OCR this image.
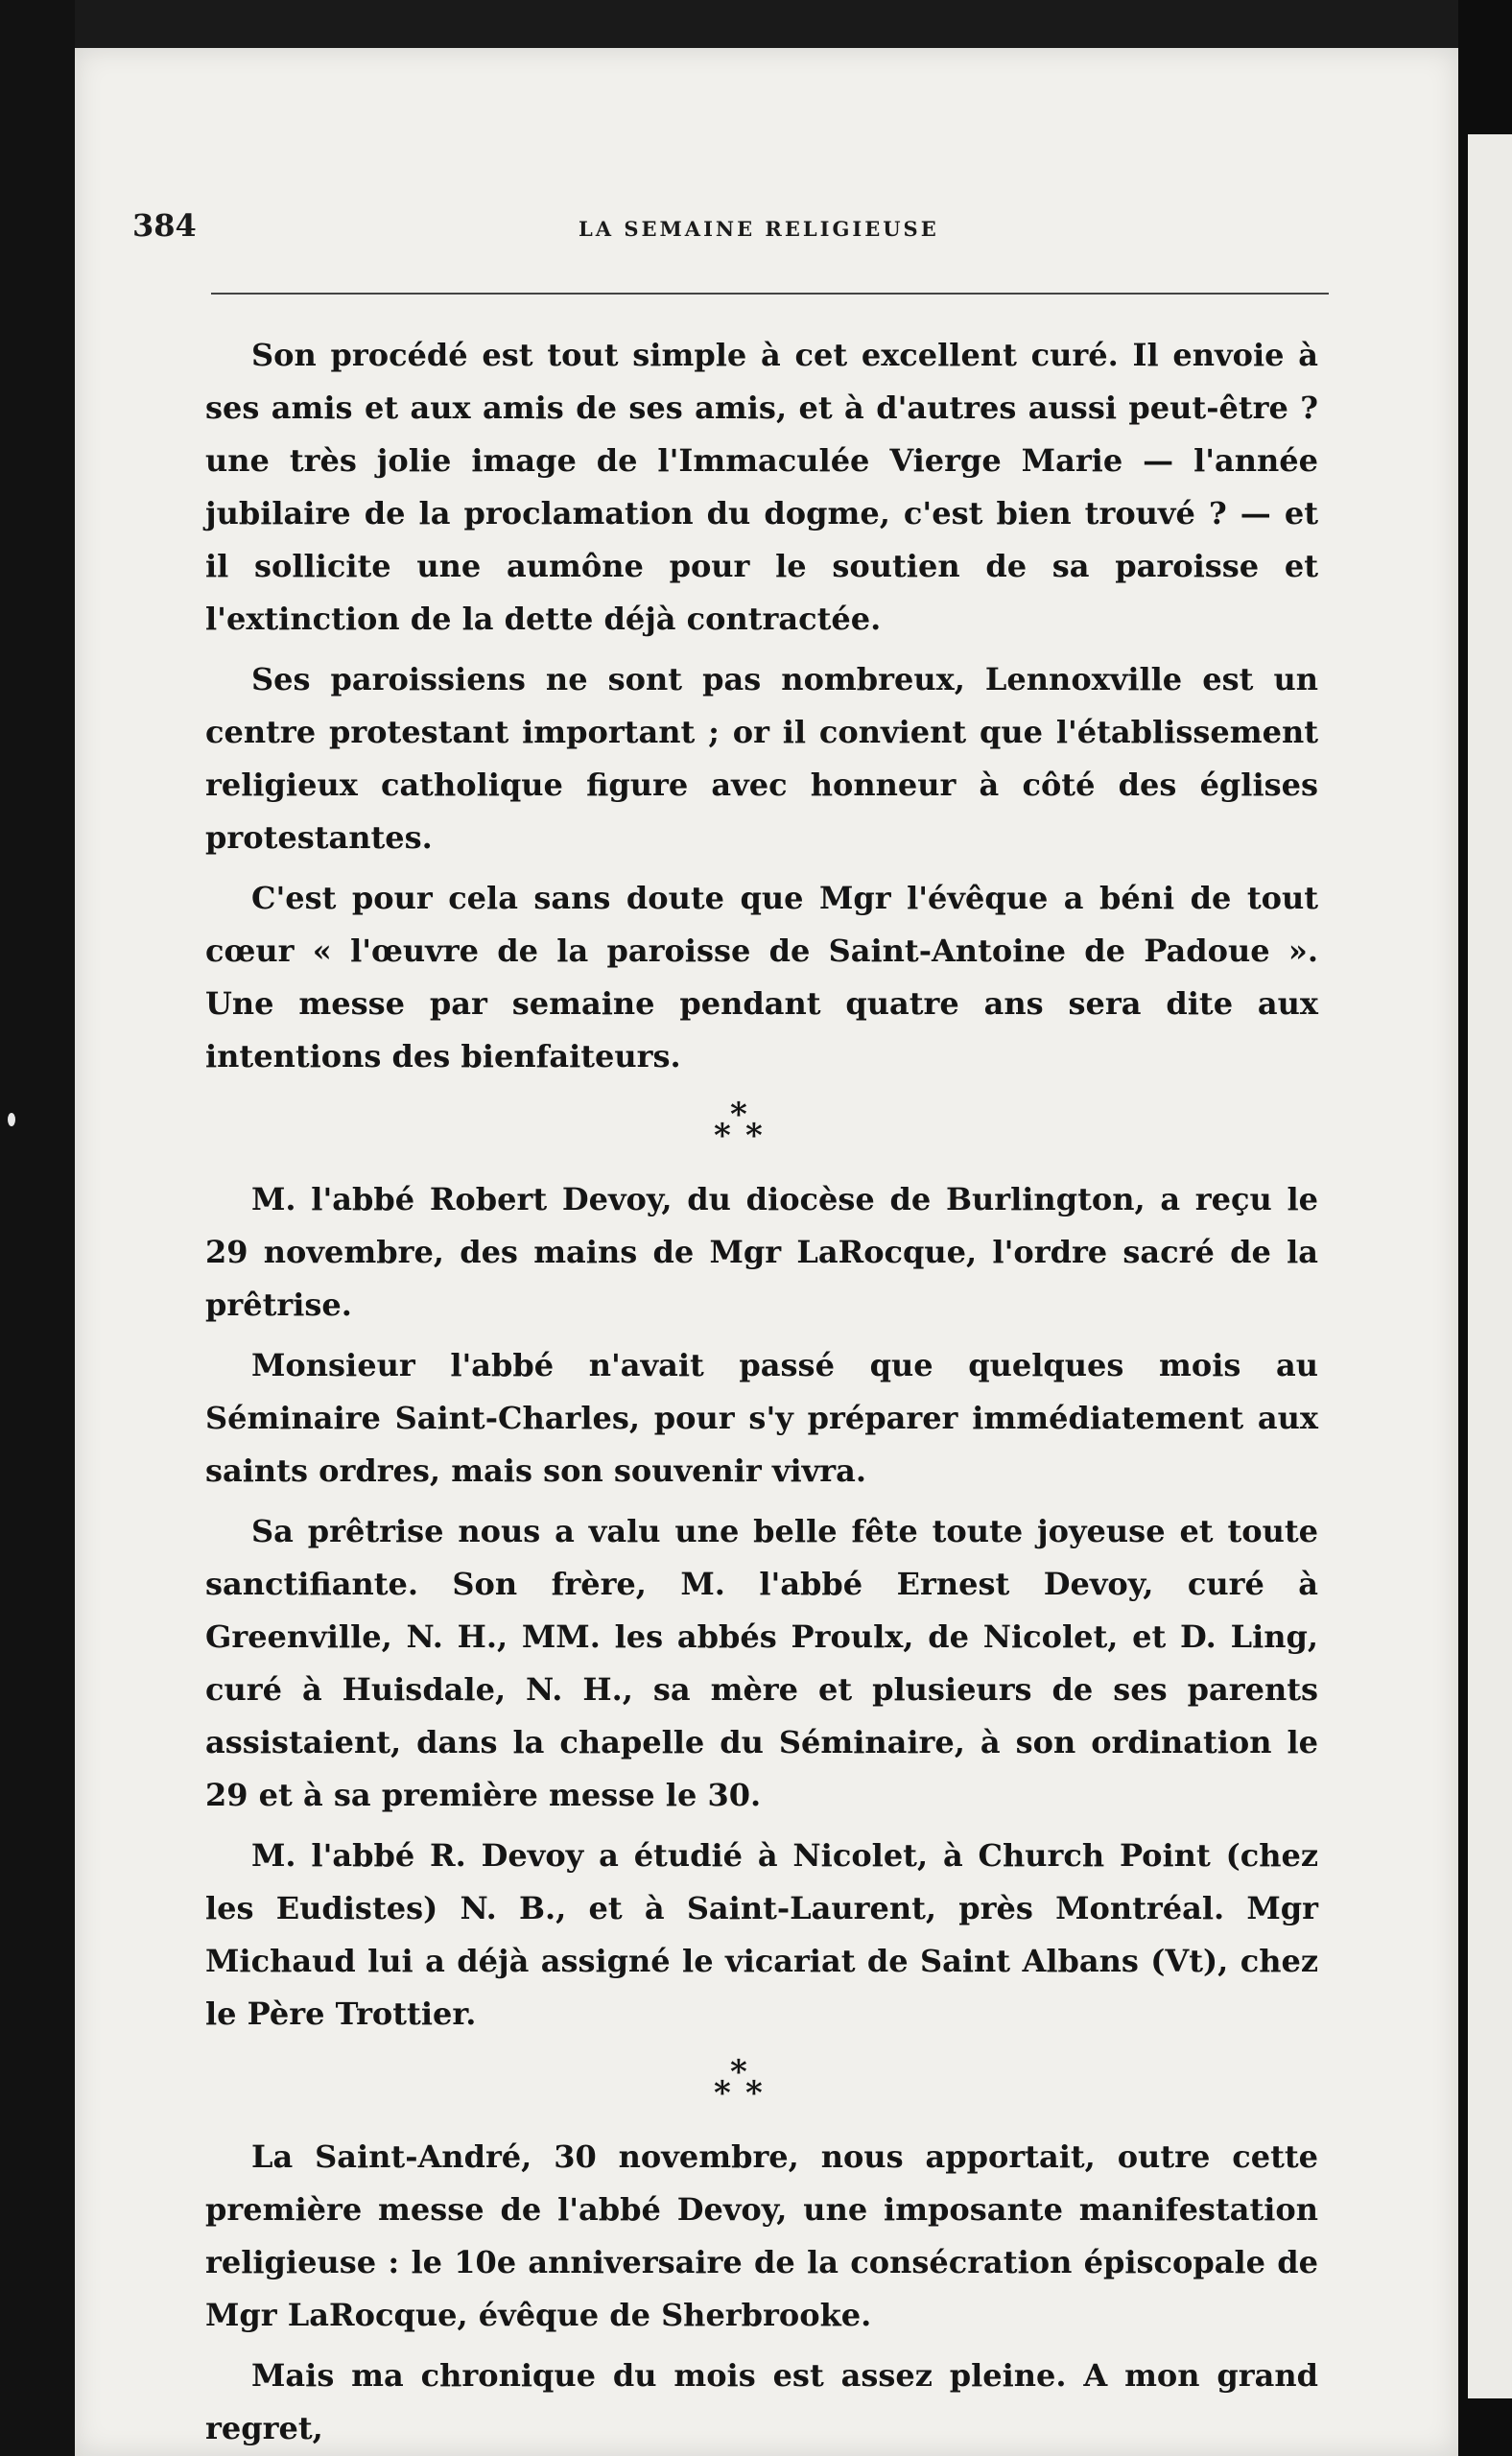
384	LA SEMAINE RELIGIEUSE

Son procédé est tout simple à cet excellent curé. Il envoie à ses amis et aux amis de ses amis, et à d'autres aussi peut-être ? une très jolie image de l'Immaculée Vierge Marie — l'année jubilaire de la proclamation du dogme, c'est bien trouvé ? — et il sollicite une aumône pour le soutien de sa paroisse et l'extinction de la dette déjà contractée.

Ses paroissiens ne sont pas nombreux, Lennoxville est un centre protestant important ; or il convient que l'établissement religieux catholique figure avec honneur à côté des églises protestantes.

C'est pour cela sans doute que Mgr l'évêque a béni de tout cœur « l'œuvre de la paroisse de Saint-Antoine de Padoue ». Une messe par semaine pendant quatre ans sera dite aux intentions des bienfaiteurs.

*
* *

M. l'abbé Robert Devoy, du diocèse de Burlington, a reçu le 29 novembre, des mains de Mgr LaRocque, l'ordre sacré de la prêtrise.

Monsieur l'abbé n'avait passé que quelques mois au Séminaire Saint-Charles, pour s'y préparer immédiatement aux saints ordres, mais son souvenir vivra.

Sa prêtrise nous a valu une belle fête toute joyeuse et toute sanctifiante. Son frère, M. l'abbé Ernest Devoy, curé à Greenville, N. H., MM. les abbés Proulx, de Nicolet, et D. Ling, curé à Huisdale, N. H., sa mère et plusieurs de ses parents assistaient, dans la chapelle du Séminaire, à son ordination le 29 et à sa première messe le 30.

M. l'abbé R. Devoy a étudié à Nicolet, à Church Point (chez les Eudistes) N. B., et à Saint-Laurent, près Montréal. Mgr Michaud lui a déjà assigné le vicariat de Saint Albans (Vt), chez le Père Trottier.

*
* *

La Saint-André, 30 novembre, nous apportait, outre cette première messe de l'abbé Devoy, une imposante manifestation religieuse : le 10e anniversaire de la consécration épiscopale de Mgr LaRocque, évêque de Sherbrooke.

Mais ma chronique du mois est assez pleine. A mon grand regret,
